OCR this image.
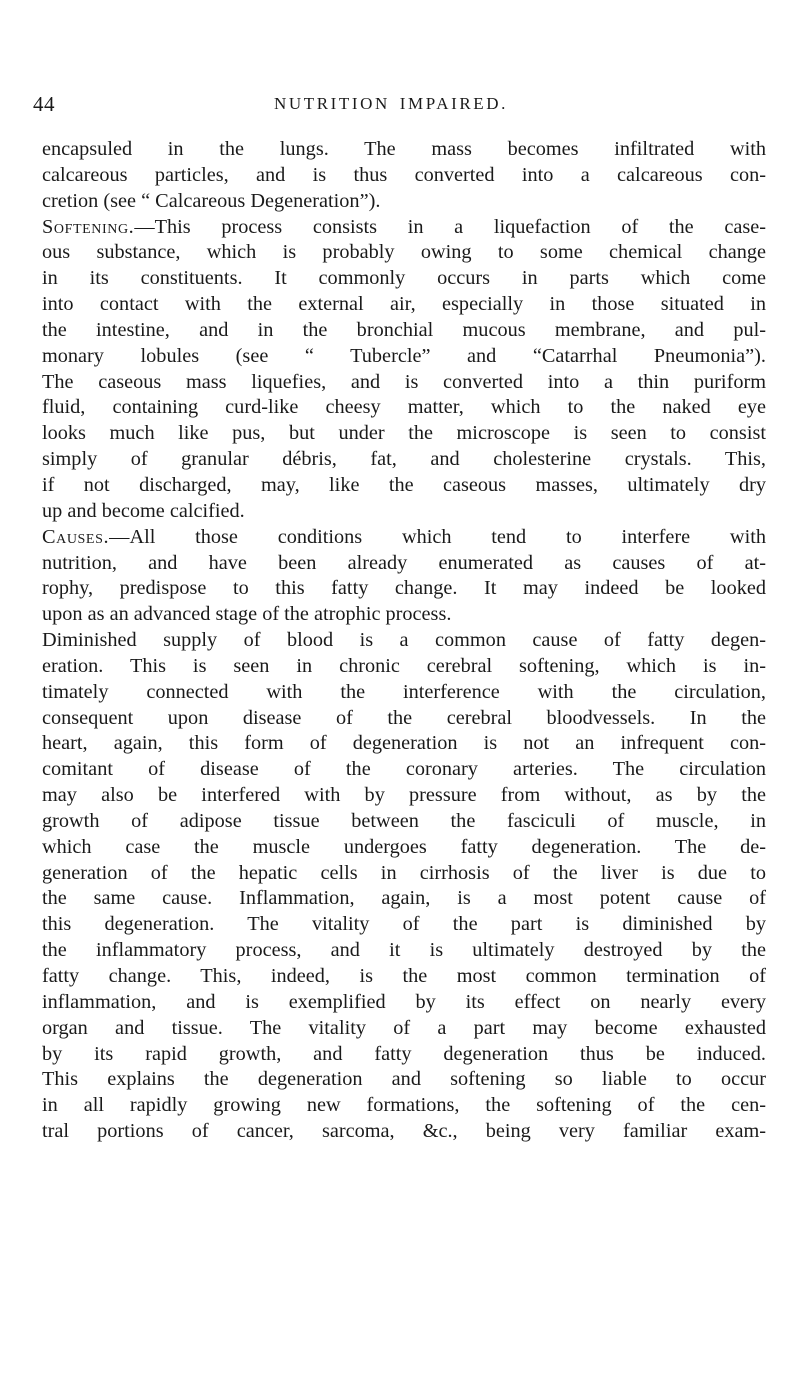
44	NUTRITION IMPAIRED.
encapsuled in the lungs. The mass becomes infiltrated with
calcareous particles, and is thus converted into a calcareous con-
cretion (see “ Calcareous Degeneration”).
Softening.—This process consists in a liquefaction of the case-
ous substance, which is probably owing to some chemical change
in its constituents. It commonly occurs in parts which come
into contact with the external air, especially in those situated in
the intestine, and in the bronchial mucous membrane, and pul-
monary lobules (see “ Tubercle” and “Catarrhal Pneumonia”).
The caseous mass liquefies, and is converted into a thin puriform
fluid, containing curd-like cheesy matter, which to the naked eye
looks much like pus, but under the microscope is seen to consist
simply of granular débris, fat, and cholesterine crystals. This,
if not discharged, may, like the caseous masses, ultimately dry
up and become calcified.
Causes.—All those conditions which tend to interfere with
nutrition, and have been already enumerated as causes of at-
rophy, predispose to this fatty change. It may indeed be looked
upon as an advanced stage of the atrophic process.
Diminished supply of blood is a common cause of fatty degen-
eration. This is seen in chronic cerebral softening, which is in-
timately connected with the interference with the circulation,
consequent upon disease of the cerebral bloodvessels. In the
heart, again, this form of degeneration is not an infrequent con-
comitant of disease of the coronary arteries. The circulation
may also be interfered with by pressure from without, as by the
growth of adipose tissue between the fasciculi of muscle, in
which case the muscle undergoes fatty degeneration. The de-
generation of the hepatic cells in cirrhosis of the liver is due to
the same cause. Inflammation, again, is a most potent cause of
this degeneration. The vitality of the part is diminished by
the inflammatory process, and it is ultimately destroyed by the
fatty change. This, indeed, is the most common termination of
inflammation, and is exemplified by its effect on nearly every
organ and tissue. The vitality of a part may become exhausted
by its rapid growth, and fatty degeneration thus be induced.
This explains the degeneration and softening so liable to occur
in all rapidly growing new formations, the softening of the cen-
tral portions of cancer, sarcoma, &c., being very familiar exam-
